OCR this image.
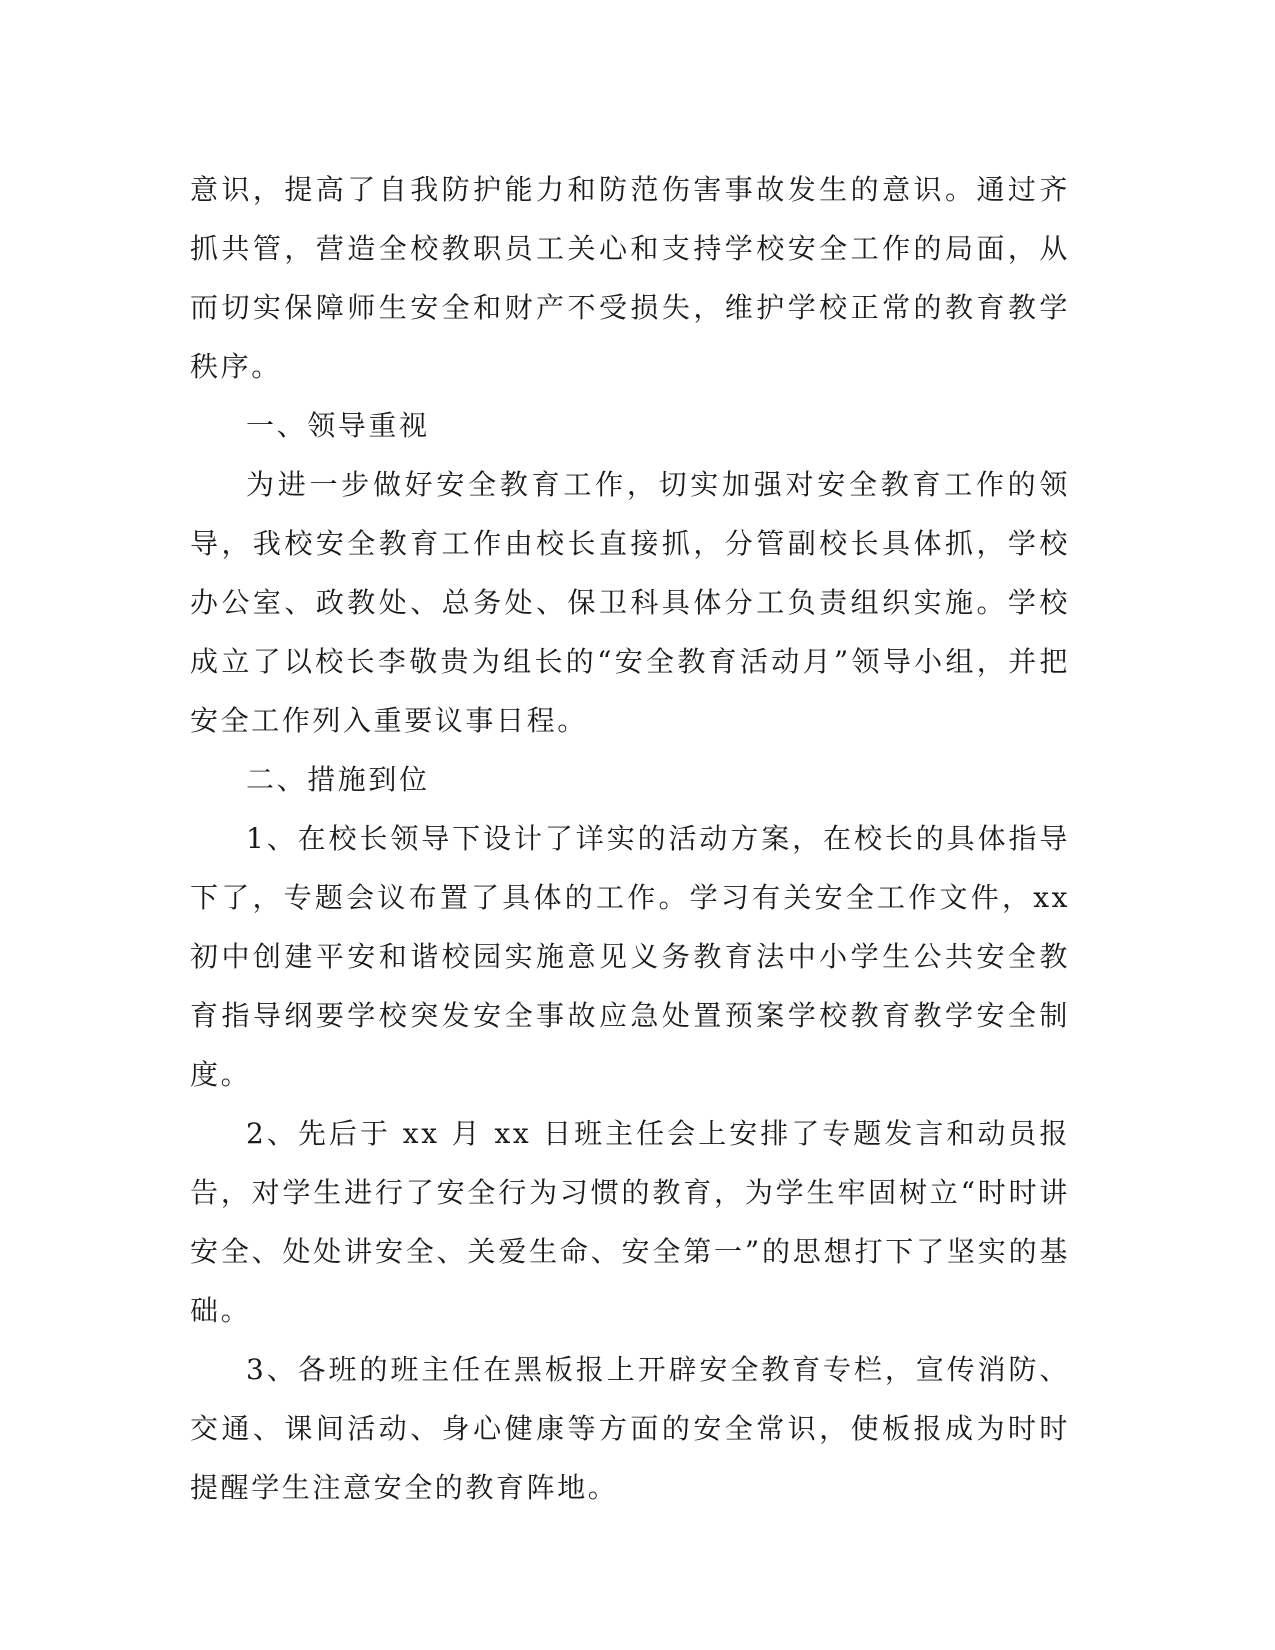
意识，提高了自我防护能力和防范伤害事故发生的意识。通过齐抓共管，营造全校教职员工关心和支持学校安全工作的局面，从而切实保障师生安全和财产不受损失，维护学校正常的教育教学秩序。

一、领导重视

为进一步做好安全教育工作，切实加强对安全教育工作的领导，我校安全教育工作由校长直接抓，分管副校长具体抓，学校办公室、政教处、总务处、保卫科具体分工负责组织实施。学校成立了以校长李敬贵为组长的“安全教育活动月”领导小组，并把安全工作列入重要议事日程。

二、措施到位

1、在校长领导下设计了详实的活动方案，在校长的具体指导下了，专题会议布置了具体的工作。学习有关安全工作文件，xx 初中创建平安和谐校园实施意见义务教育法中小学生公共安全教育指导纲要学校突发安全事故应急处置预案学校教育教学安全制度。

2、先后于 xx 月 xx 日班主任会上安排了专题发言和动员报告，对学生进行了安全行为习惯的教育，为学生牢固树立“时时讲安全、处处讲安全、关爱生命、安全第一”的思想打下了坚实的基础。

3、各班的班主任在黑板报上开辟安全教育专栏，宣传消防、交通、课间活动、身心健康等方面的安全常识，使板报成为时时提醒学生注意安全的教育阵地。
